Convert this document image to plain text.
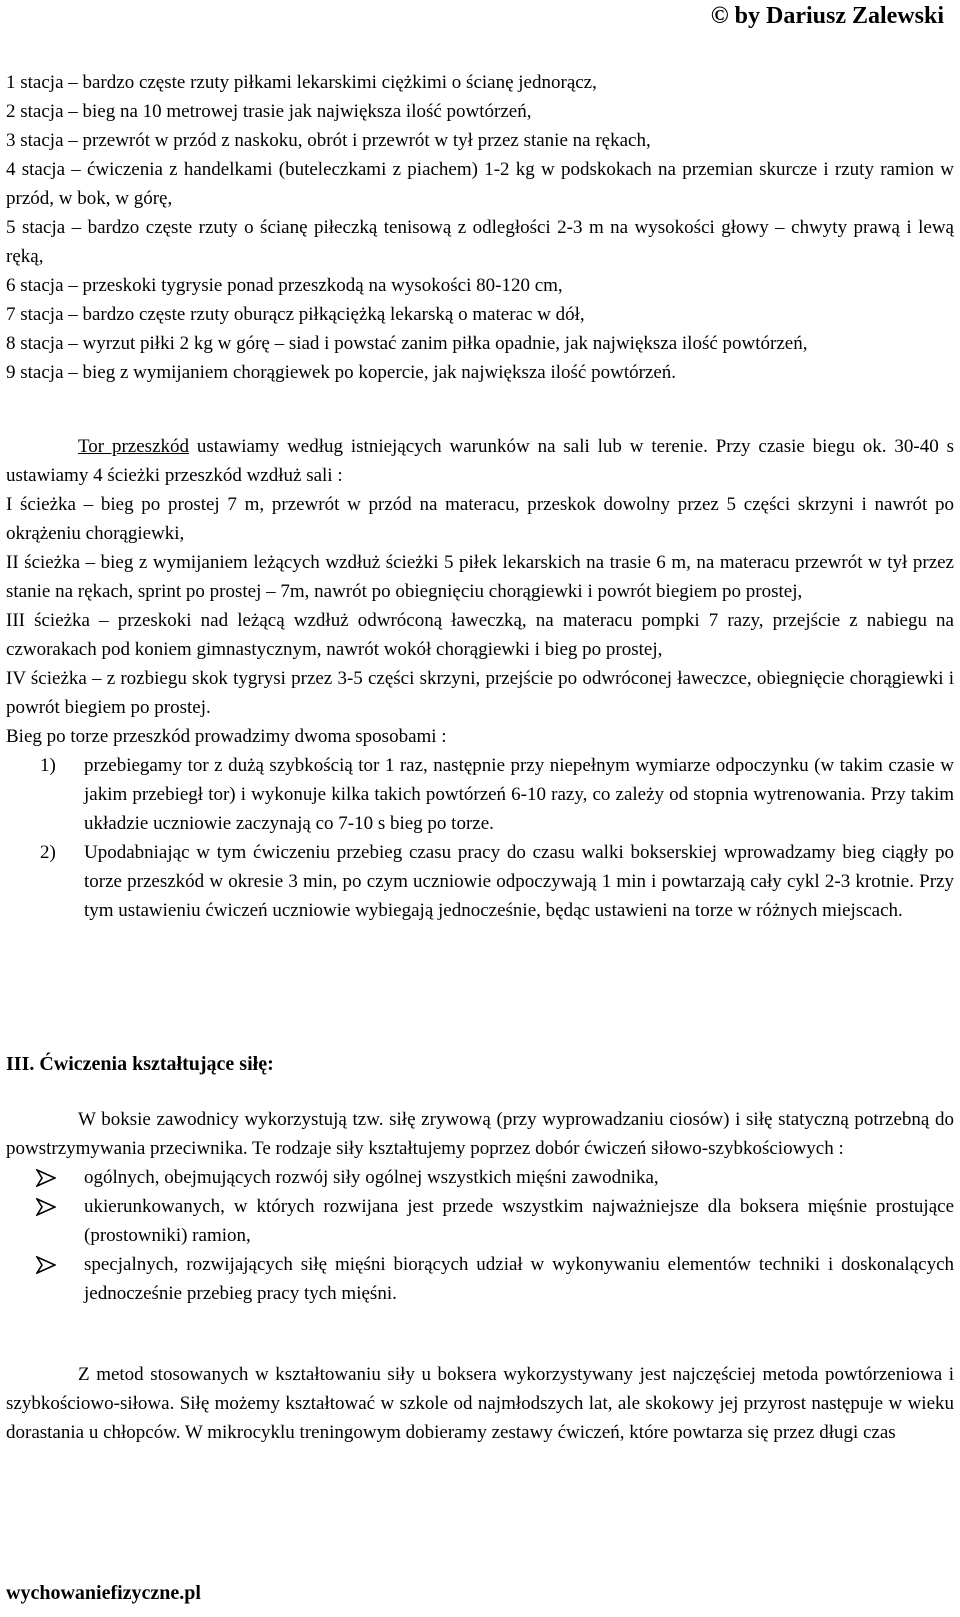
© by Dariusz Zalewski

1 stacja – bardzo częste rzuty piłkami lekarskimi ciężkimi o ścianę jednorącz,

2 stacja – bieg na 10 metrowej trasie jak największa ilość powtórzeń,

3 stacja – przewrót w przód z naskoku, obrót i przewrót w tył przez stanie na rękach,

4 stacja – ćwiczenia z handelkami (buteleczkami z piachem) 1-2 kg w podskokach na przemian skurcze i rzuty ramion w przód, w bok, w górę,

5 stacja – bardzo częste rzuty o ścianę piłeczką tenisową z odległości 2-3 m na wysokości głowy – chwyty prawą i lewą ręką,

6 stacja – przeskoki tygrysie ponad przeszkodą na wysokości 80-120 cm,

7 stacja – bardzo częste rzuty oburącz piłkąciężką lekarską o materac w dół,

8 stacja – wyrzut piłki 2 kg w górę – siad i powstać zanim piłka opadnie, jak największa ilość powtórzeń,

9 stacja – bieg z wymijaniem chorągiewek po kopercie, jak największa ilość powtórzeń.

Tor przeszkód ustawiamy według istniejących warunków na sali lub w terenie. Przy czasie biegu ok. 30-40 s ustawiamy 4 ścieżki przeszkód wzdłuż sali :

I ścieżka – bieg po prostej 7 m, przewrót w przód na materacu, przeskok dowolny przez 5 części skrzyni i nawrót po okrążeniu chorągiewki,

II ścieżka – bieg z wymijaniem leżących wzdłuż ścieżki 5 piłek lekarskich na trasie 6 m, na materacu przewrót w tył przez stanie na rękach, sprint po prostej – 7m, nawrót po obiegnięciu chorągiewki i powrót biegiem po prostej,

III ścieżka – przeskoki nad leżącą wzdłuż odwróconą ławeczką, na materacu pompki 7 razy, przejście z nabiegu na czworakach pod koniem gimnastycznym, nawrót wokół chorągiewki i bieg po prostej,

IV ścieżka – z rozbiegu skok tygrysi przez 3-5 części skrzyni, przejście po odwróconej ławeczce, obiegnięcie chorągiewki i powrót biegiem po prostej.

Bieg po torze przeszkód prowadzimy dwoma sposobami :

1) przebiegamy tor z dużą szybkością tor 1 raz, następnie przy niepełnym wymiarze odpoczynku (w takim czasie w jakim przebiegł tor) i wykonuje kilka takich powtórzeń 6-10 razy, co zależy od stopnia wytrenowania. Przy takim układzie uczniowie zaczynają co 7-10 s bieg po torze.
2) Upodabniając w tym ćwiczeniu przebieg czasu pracy do czasu walki bokserskiej wprowadzamy bieg ciągły po torze przeszkód w okresie 3 min, po czym uczniowie odpoczywają 1 min i powtarzają cały cykl 2-3 krotnie. Przy tym ustawieniu ćwiczeń uczniowie wybiegają jednocześnie, będąc ustawieni na torze w różnych miejscach.

III. Ćwiczenia kształtujące siłę:

W boksie zawodnicy wykorzystują tzw. siłę zrywową (przy wyprowadzaniu ciosów) i siłę statyczną potrzebną do powstrzymywania przeciwnika. Te rodzaje siły kształtujemy poprzez dobór ćwiczeń siłowo-szybkościowych :

ogólnych, obejmujących rozwój siły ogólnej wszystkich mięśni zawodnika,
ukierunkowanych, w których rozwijana jest przede wszystkim najważniejsze dla boksera mięśnie prostujące (prostowniki) ramion,
specjalnych, rozwijających siłę mięśni biorących udział w wykonywaniu elementów techniki i doskonalących jednocześnie przebieg pracy tych mięśni.

Z metod stosowanych w kształtowaniu siły u boksera wykorzystywany jest najczęściej metoda powtórzeniowa i szybkościowo-siłowa. Siłę możemy kształtować w szkole od najmłodszych lat, ale skokowy jej przyrost następuje w wieku dorastania u chłopców. W mikrocyklu treningowym dobieramy zestawy ćwiczeń, które powtarza się przez długi czas

wychowaniefizyczne.pl
